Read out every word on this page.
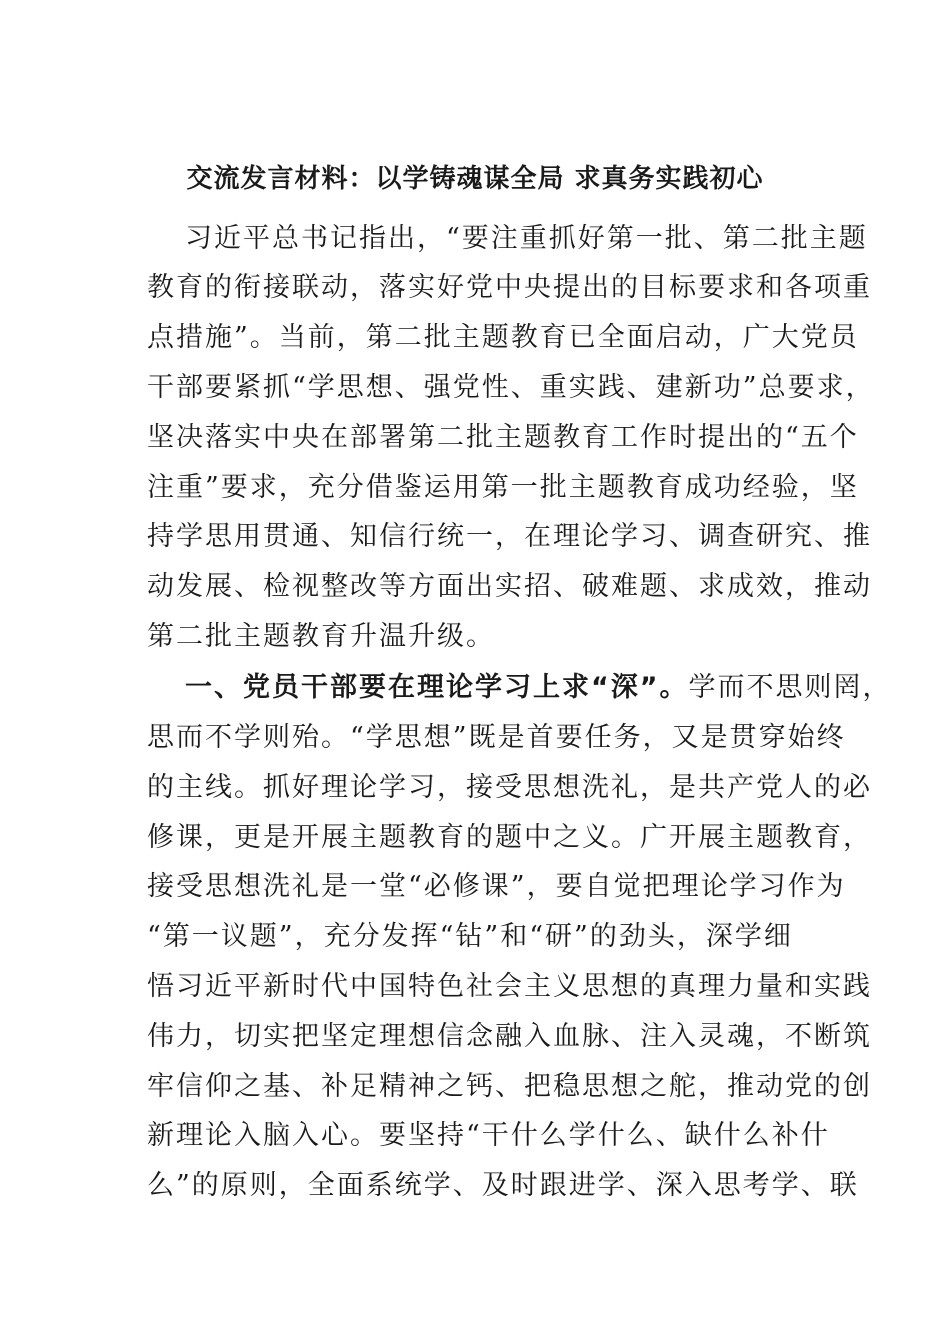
交流发言材料：以学铸魂谋全局 求真务实践初心
习近平总书记指出，“要注重抓好第一批、第二批主题
教育的衔接联动，落实好党中央提出的目标要求和各项重
点措施”。当前，第二批主题教育已全面启动，广大党员
干部要紧抓“学思想、强党性、重实践、建新功”总要求，
坚决落实中央在部署第二批主题教育工作时提出的“五个
注重”要求，充分借鉴运用第一批主题教育成功经验，坚
持学思用贯通、知信行统一，在理论学习、调查研究、推
动发展、检视整改等方面出实招、破难题、求成效，推动
第二批主题教育升温升级。
一、党员干部要在理论学习上求“深”。学而不思则罔，
思而不学则殆。“学思想”既是首要任务，又是贯穿始终
的主线。抓好理论学习，接受思想洗礼，是共产党人的必
修课，更是开展主题教育的题中之义。广开展主题教育，
接受思想洗礼是一堂“必修课”，要自觉把理论学习作为
“第一议题”，充分发挥“钻”和“研”的劲头，深学细
悟习近平新时代中国特色社会主义思想的真理力量和实践
伟力，切实把坚定理想信念融入血脉、注入灵魂，不断筑
牢信仰之基、补足精神之钙、把稳思想之舵，推动党的创
新理论入脑入心。要坚持“干什么学什么、缺什么补什
么”的原则，全面系统学、及时跟进学、深入思考学、联
